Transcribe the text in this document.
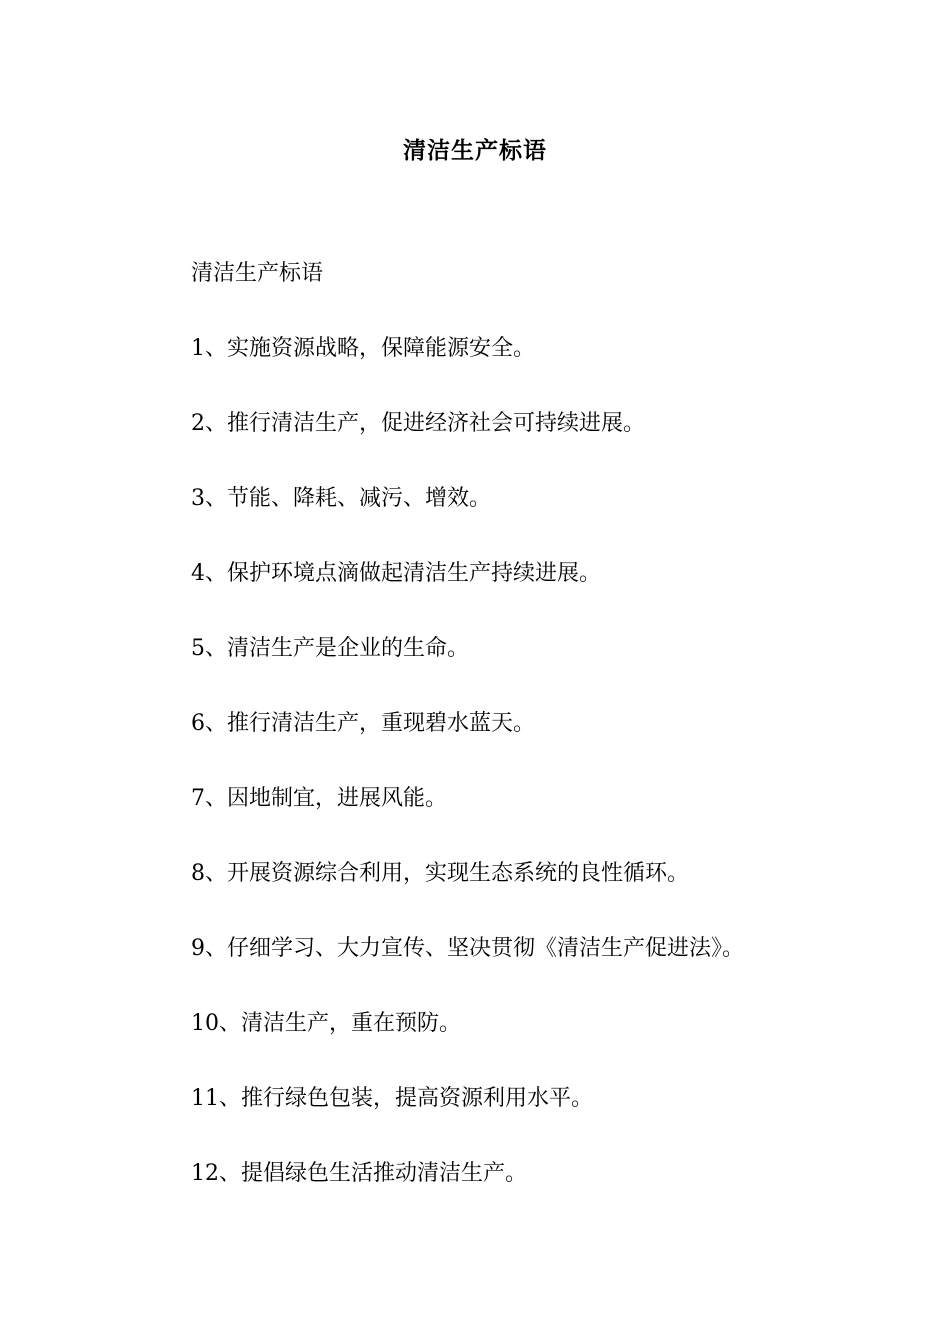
清洁生产标语
清洁生产标语
1、实施资源战略，保障能源安全。
2、推行清洁生产，促进经济社会可持续进展。
3、节能、降耗、减污、增效。
4、保护环境点滴做起清洁生产持续进展。
5、清洁生产是企业的生命。
6、推行清洁生产，重现碧水蓝天。
7、因地制宜，进展风能。
8、开展资源综合利用，实现生态系统的良性循环。
9、仔细学习、大力宣传、坚决贯彻《清洁生产促进法》。
10、清洁生产，重在预防。
11、推行绿色包装，提高资源利用水平。
12、提倡绿色生活推动清洁生产。
